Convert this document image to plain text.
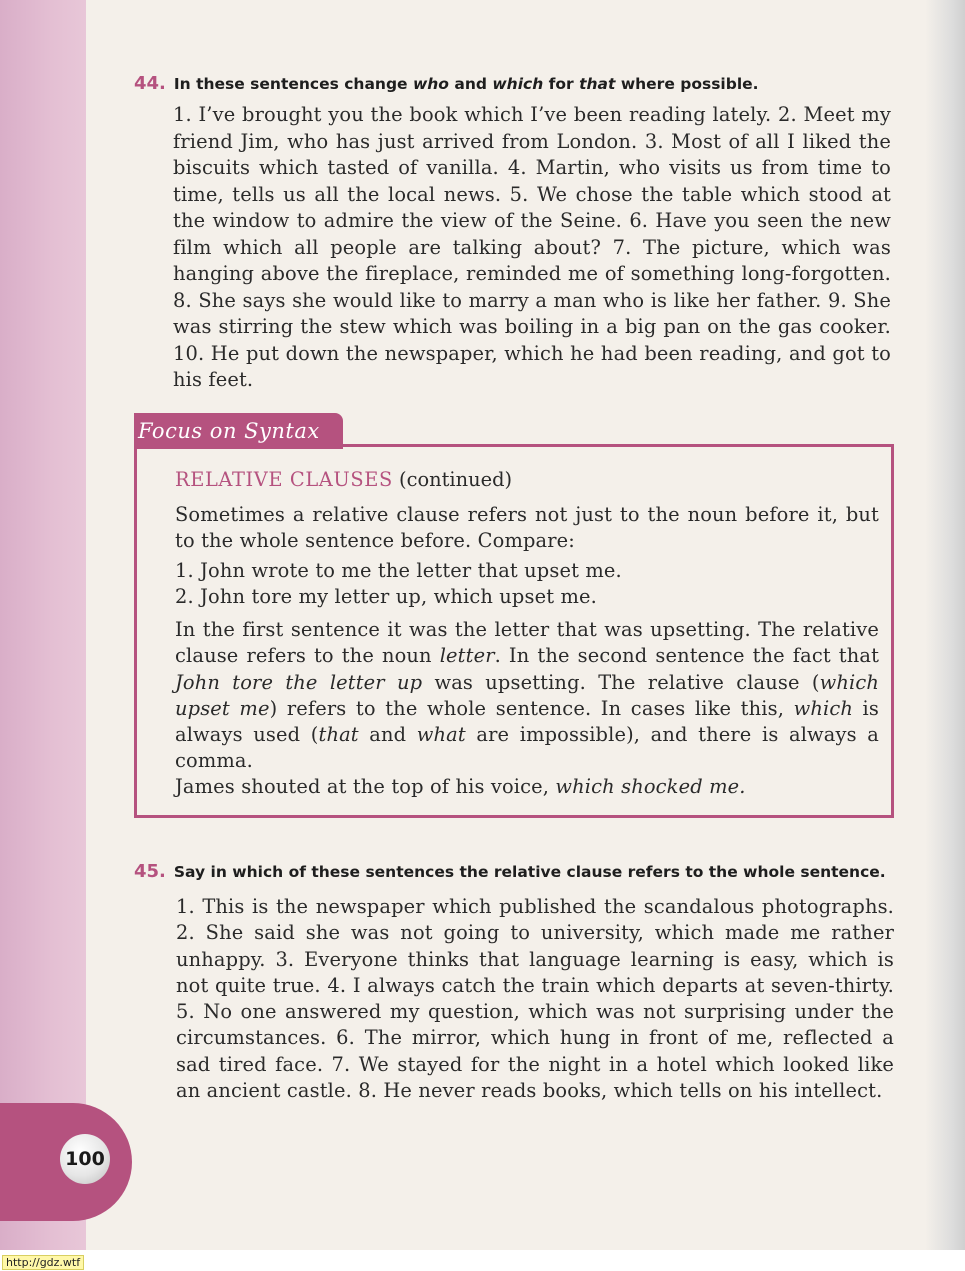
100
44. In these sentences change who and which for that where possible.
1. I’ve brought you the book which I’ve been reading lately. 2. Meet my friend Jim, who has just arrived from London. 3. Most of all I liked the biscuits which tasted of vanilla. 4. Martin, who visits us from time to time, tells us all the local news. 5. We chose the table which stood at the window to admire the view of the Seine. 6. Have you seen the new film which all people are talking about? 7. The picture, which was hanging above the fireplace, reminded me of something long-forgotten. 8. She says she would like to marry a man who is like her father. 9. She was stirring the stew which was boiling in a big pan on the gas cooker. 10. He put down the newspaper, which he had been reading, and got to his feet.
Focus on Syntax
RELATIVE CLAUSES (continued)
Sometimes a relative clause refers not just to the noun before it, but to the whole sentence before. Compare:
1. John wrote to me the letter that upset me.
2. John tore my letter up, which upset me.
In the first sentence it was the letter that was upsetting. The relative clause refers to the noun letter. In the second sentence the fact that John tore the letter up was upsetting. The relative clause (which upset me) refers to the whole sentence. In cases like this, which is always used (that and what are impossible), and there is always a comma.
James shouted at the top of his voice, which shocked me.
45. Say in which of these sentences the relative clause refers to the whole sentence.
1. This is the newspaper which published the scandalous photographs. 2. She said she was not going to university, which made me rather unhappy. 3. Everyone thinks that language learning is easy, which is not quite true. 4. I always catch the train which departs at seven-thirty. 5. No one answered my question, which was not surprising under the circumstances. 6. The mirror, which hung in front of me, reflected a sad tired face. 7. We stayed for the night in a hotel which looked like an ancient castle. 8. He never reads books, which tells on his intellect.
http://gdz.wtf
